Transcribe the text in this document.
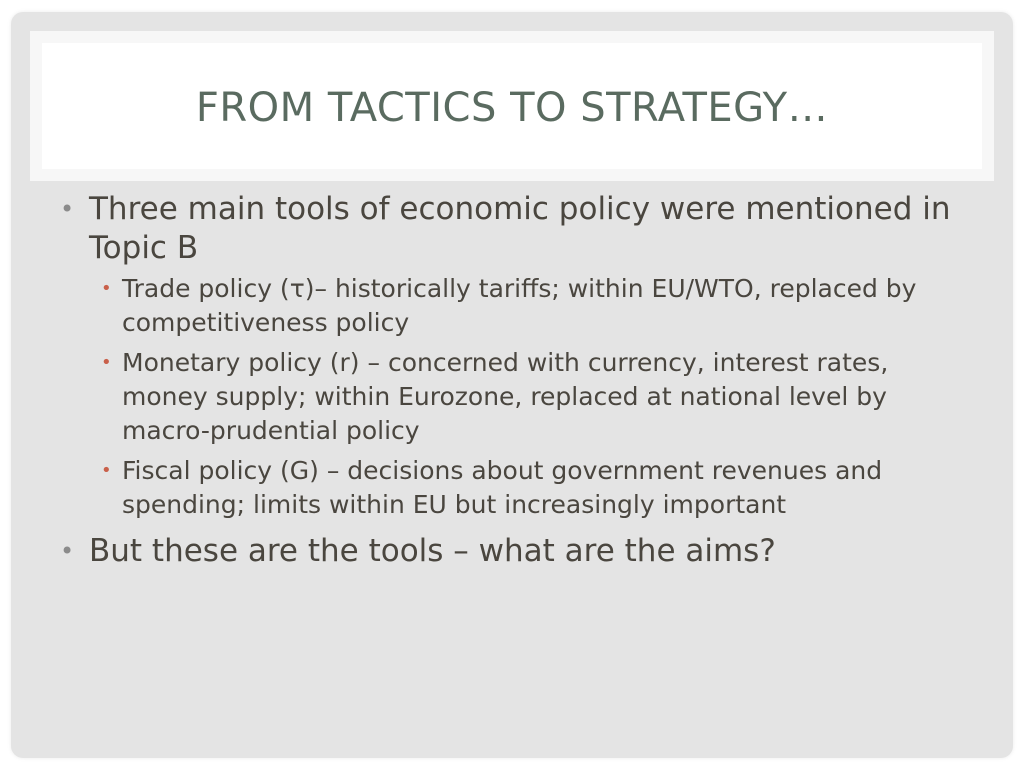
FROM TACTICS TO STRATEGY…
• Three main tools of economic policy were mentioned in Topic B
• Trade policy (τ)– historically tariffs; within EU/WTO, replaced by competitiveness policy
• Monetary policy (r) – concerned with currency, interest rates, money supply; within Eurozone, replaced at national level by macro-prudential policy
• Fiscal policy (G) – decisions about government revenues and spending; limits within EU but increasingly important
• But these are the tools – what are the aims?
